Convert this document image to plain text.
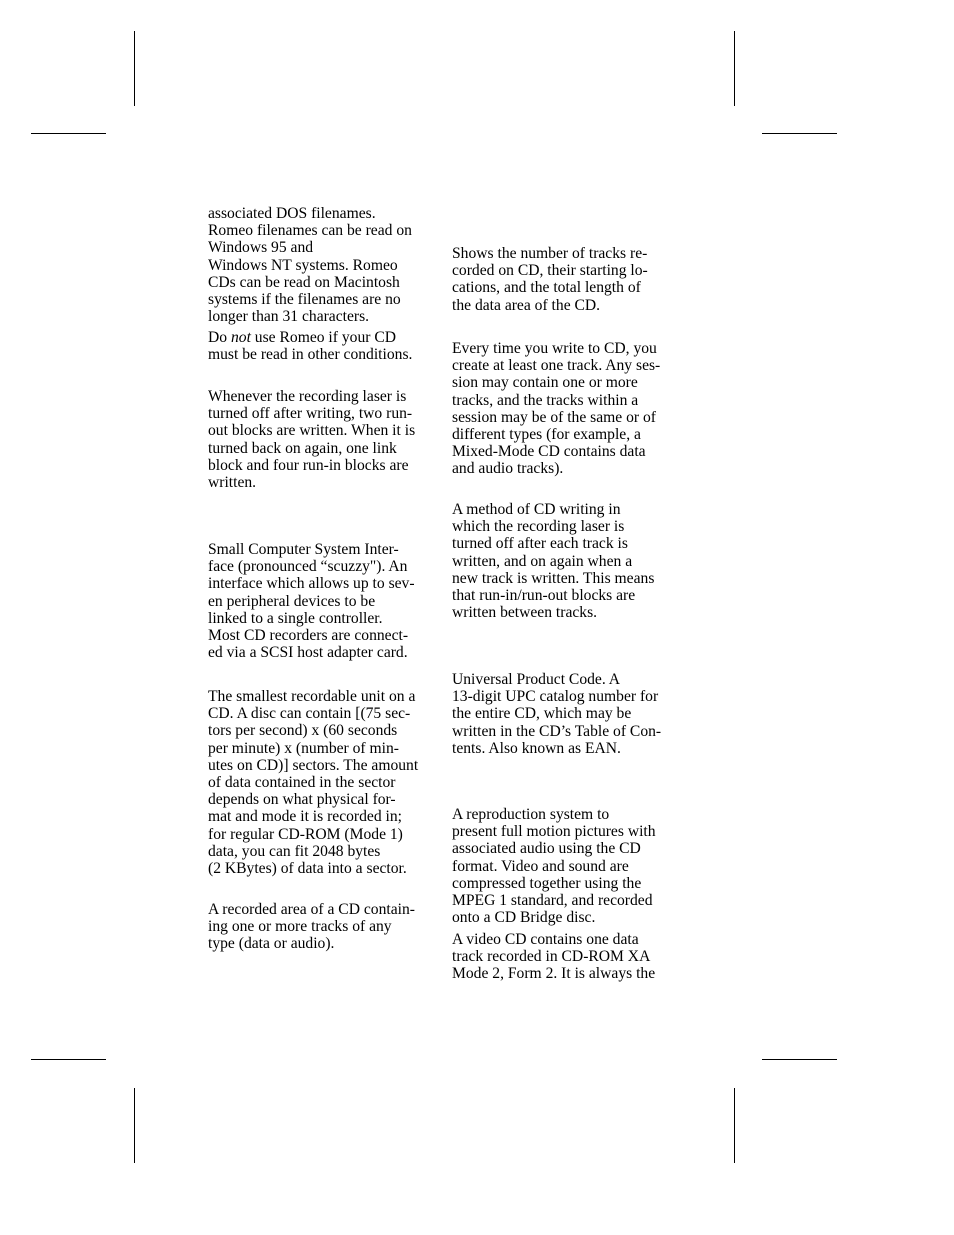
associated DOS filenames.
Romeo filenames can be read on
Windows 95 and
Windows NT systems. Romeo
CDs can be read on Macintosh
systems if the filenames are no
longer than 31 characters.

Do not use Romeo if your CD
must be read in other conditions.

Whenever the recording laser is
turned off after writing, two run-
out blocks are written. When it is
turned back on again, one link
block and four run-in blocks are
written.

Small Computer System Inter-
face (pronounced “scuzzy"). An
interface which allows up to sev-
en peripheral devices to be
linked to a single controller.
Most CD recorders are connect-
ed via a SCSI host adapter card.

The smallest recordable unit on a
CD. A disc can contain [(75 sec-
tors per second) x (60 seconds
per minute) x (number of min-
utes on CD)] sectors. The amount
of data contained in the sector
depends on what physical for-
mat and mode it is recorded in;
for regular CD-ROM (Mode 1)
data, you can fit 2048 bytes
(2 KBytes) of data into a sector.

A recorded area of a CD contain-
ing one or more tracks of any
type (data or audio).

Shows the number of tracks re-
corded on CD, their starting lo-
cations, and the total length of
the data area of the CD.

Every time you write to CD, you
create at least one track. Any ses-
sion may contain one or more
tracks, and the tracks within a
session may be of the same or of
different types (for example, a
Mixed-Mode CD contains data
and audio tracks).

A method of CD writing in
which the recording laser is
turned off after each track is
written, and on again when a
new track is written. This means
that run-in/run-out blocks are
written between tracks.

Universal Product Code. A
13-digit UPC catalog number for
the entire CD, which may be
written in the CD’s Table of Con-
tents. Also known as EAN.

A reproduction system to
present full motion pictures with
associated audio using the CD
format. Video and sound are
compressed together using the
MPEG 1 standard, and recorded
onto a CD Bridge disc.

A video CD contains one data
track recorded in CD-ROM XA
Mode 2, Form 2. It is always the
